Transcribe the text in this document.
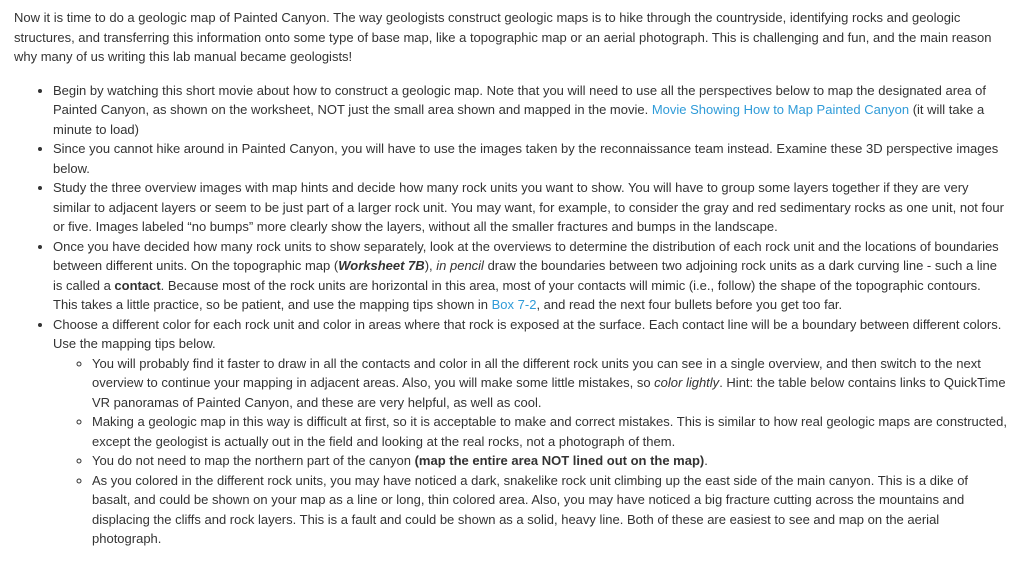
Now it is time to do a geologic map of Painted Canyon. The way geologists construct geologic maps is to hike through the countryside, identifying rocks and geologic structures, and transferring this information onto some type of base map, like a topographic map or an aerial photograph. This is challenging and fun, and the main reason why many of us writing this lab manual became geologists!

• Begin by watching this short movie about how to construct a geologic map. Note that you will need to use all the perspectives below to map the designated area of Painted Canyon, as shown on the worksheet, NOT just the small area shown and mapped in the movie. Movie Showing How to Map Painted Canyon (it will take a minute to load)
• Since you cannot hike around in Painted Canyon, you will have to use the images taken by the reconnaissance team instead. Examine these 3D perspective images below.
• Study the three overview images with map hints and decide how many rock units you want to show. You will have to group some layers together if they are very similar to adjacent layers or seem to be just part of a larger rock unit. You may want, for example, to consider the gray and red sedimentary rocks as one unit, not four or five. Images labeled “no bumps” more clearly show the layers, without all the smaller fractures and bumps in the landscape.
• Once you have decided how many rock units to show separately, look at the overviews to determine the distribution of each rock unit and the locations of boundaries between different units. On the topographic map (Worksheet 7B), in pencil draw the boundaries between two adjoining rock units as a dark curving line - such a line is called a contact. Because most of the rock units are horizontal in this area, most of your contacts will mimic (i.e., follow) the shape of the topographic contours. This takes a little practice, so be patient, and use the mapping tips shown in Box 7-2, and read the next four bullets before you get too far.
• Choose a different color for each rock unit and color in areas where that rock is exposed at the surface. Each contact line will be a boundary between different colors. Use the mapping tips below.
◦ You will probably find it faster to draw in all the contacts and color in all the different rock units you can see in a single overview, and then switch to the next overview to continue your mapping in adjacent areas. Also, you will make some little mistakes, so color lightly. Hint: the table below contains links to QuickTime VR panoramas of Painted Canyon, and these are very helpful, as well as cool.
◦ Making a geologic map in this way is difficult at first, so it is acceptable to make and correct mistakes. This is similar to how real geologic maps are constructed, except the geologist is actually out in the field and looking at the real rocks, not a photograph of them.
◦ You do not need to map the northern part of the canyon (map the entire area NOT lined out on the map).
◦ As you colored in the different rock units, you may have noticed a dark, snakelike rock unit climbing up the east side of the main canyon. This is a dike of basalt, and could be shown on your map as a line or long, thin colored area. Also, you may have noticed a big fracture cutting across the mountains and displacing the cliffs and rock layers. This is a fault and could be shown as a solid, heavy line. Both of these are easiest to see and map on the aerial photograph.
